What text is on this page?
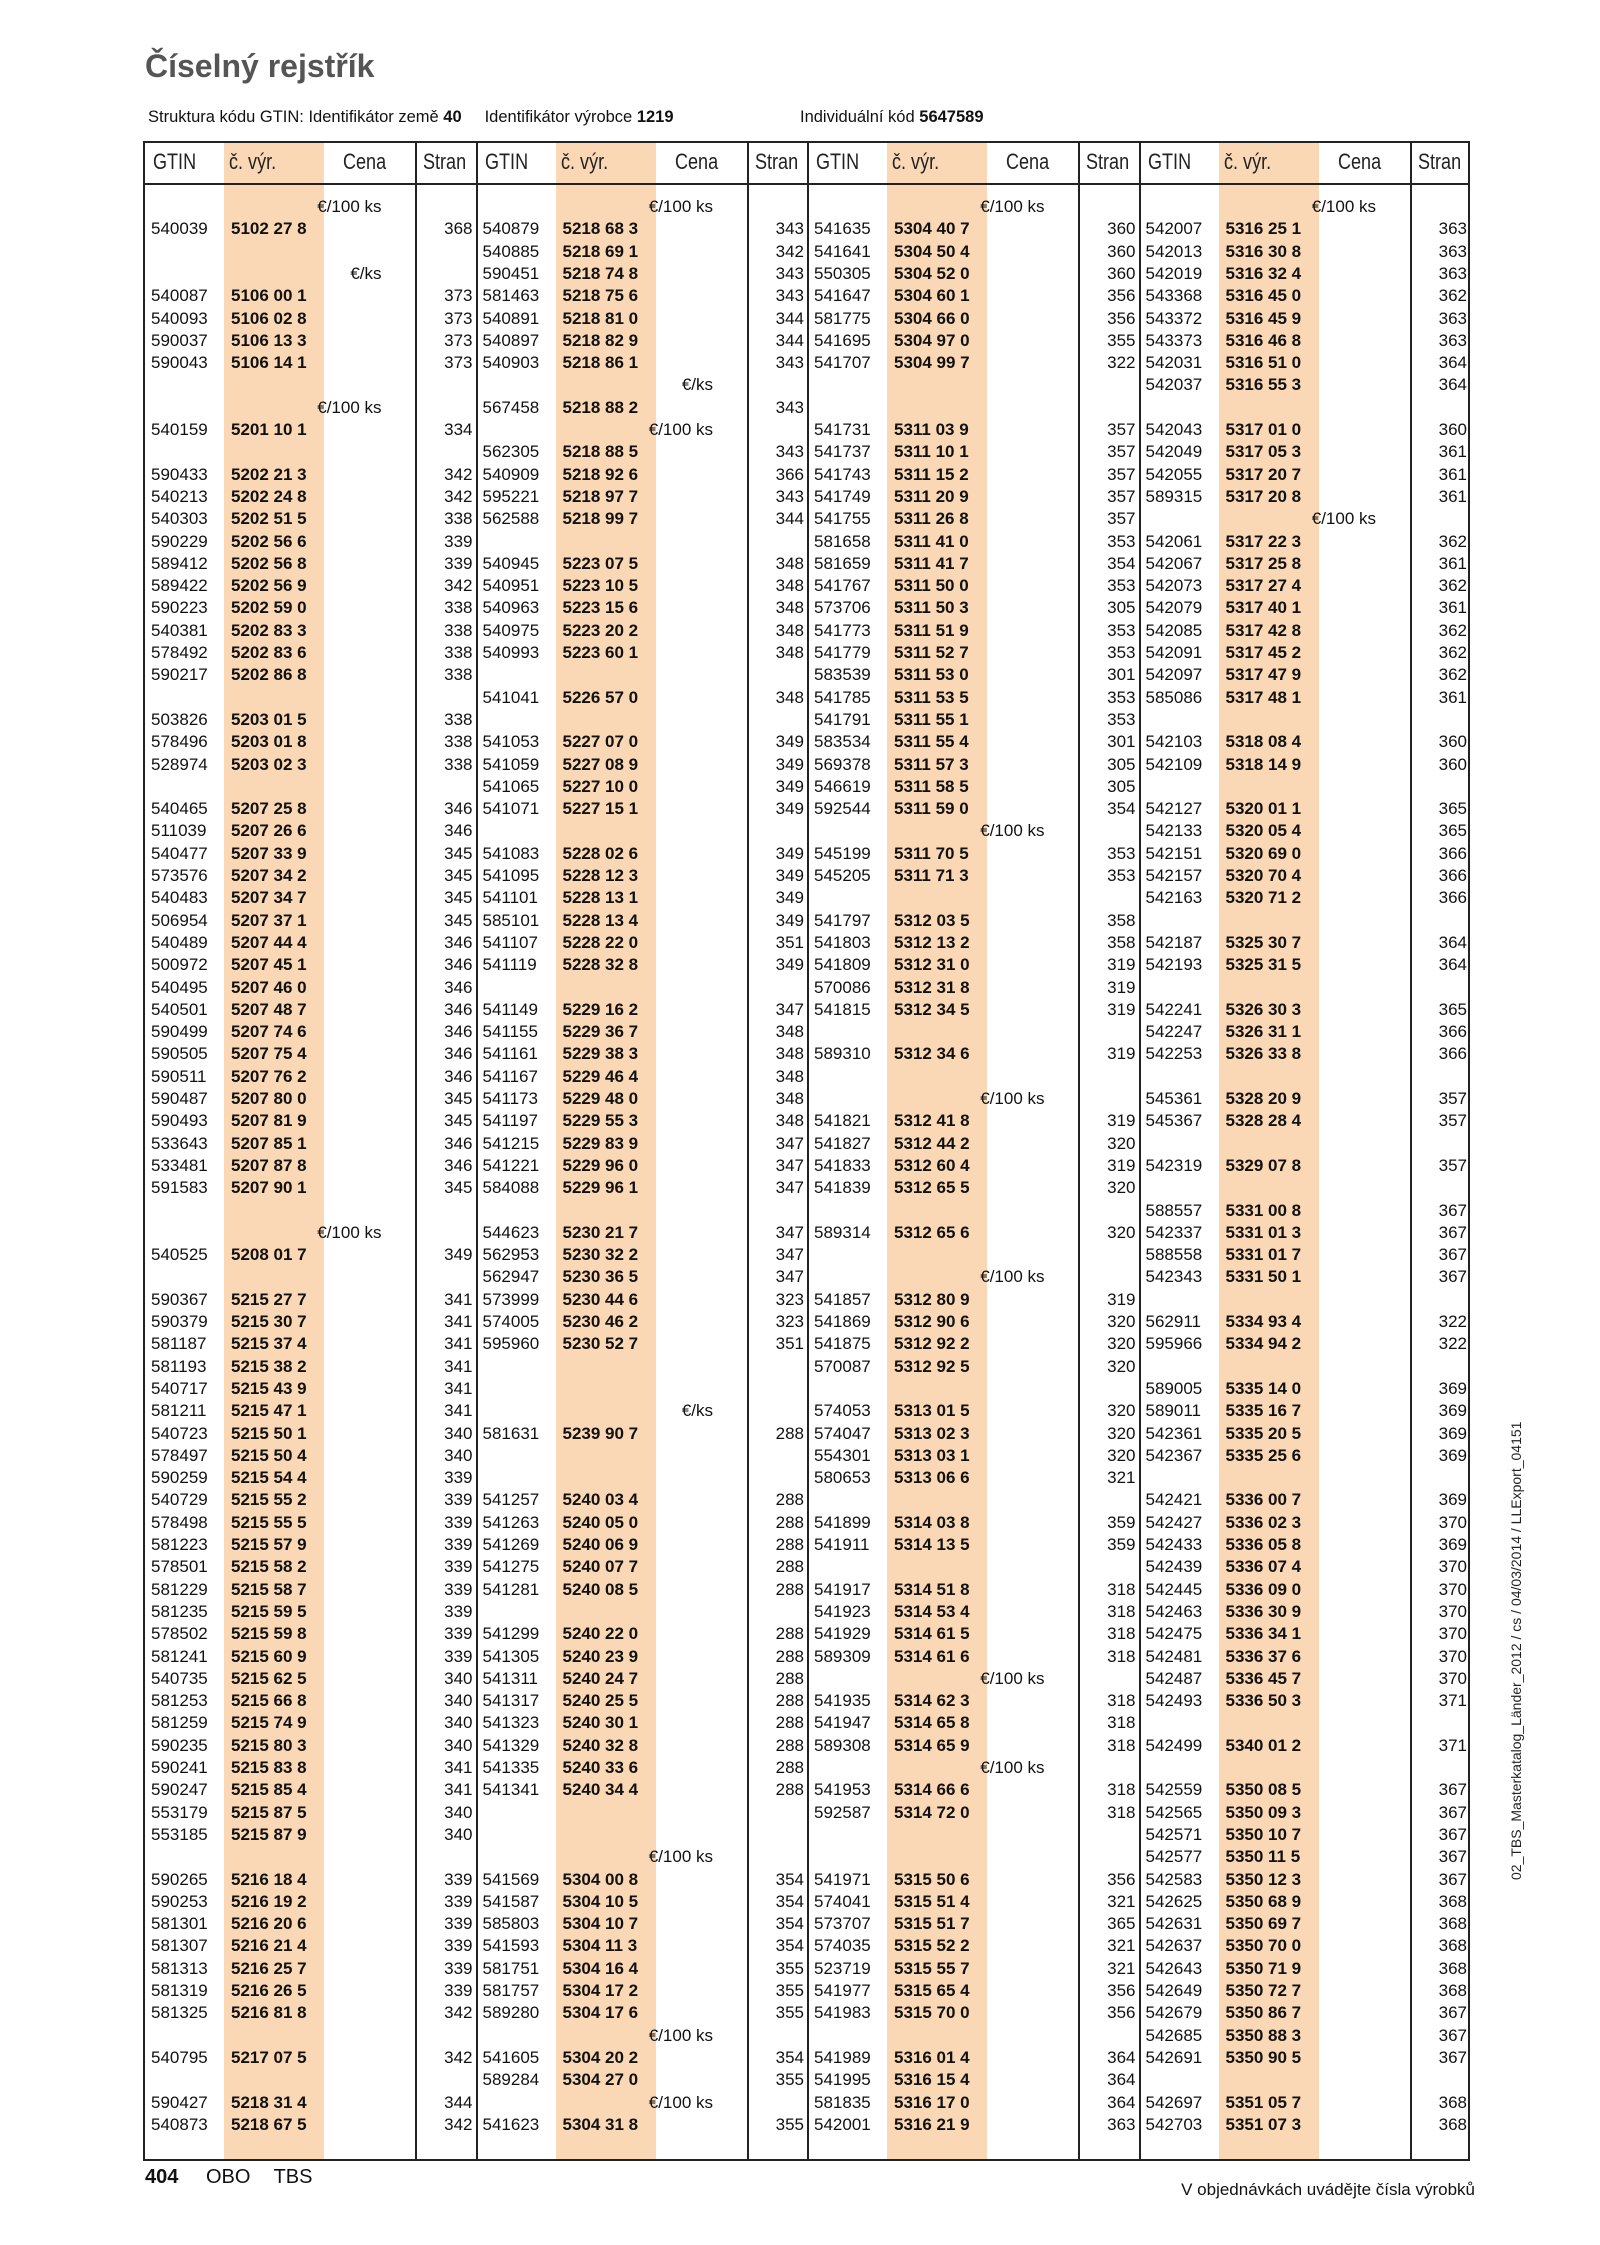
Číselný rejstřík
Struktura kódu GTIN: Identifikátor země 40 Identifikátor výrobce 1219	Individuální kód 5647589
GTIN č. výr.	Cena Stran
€/100 ks
540039 5102 27 8	368
€/ks
540087 5106 00 1	373
540093 5106 02 8	373
590037 5106 13 3	373
590043 5106 14 1	373
€/100 ks
540159 5201 10 1	334
590433 5202 21 3	342
540213 5202 24 8	342
540303 5202 51 5	338
590229 5202 56 6	339
589412 5202 56 8	339
589422 5202 56 9	342
590223 5202 59 0	338
540381 5202 83 3	338
578492 5202 83 6	338
590217 5202 86 8	338
503826 5203 01 5	338
578496 5203 01 8	338
528974 5203 02 3	338
540465 5207 25 8	346
511039 5207 26 6	346
540477 5207 33 9	345
573576 5207 34 2	345
540483 5207 34 7	345
506954 5207 37 1	345
540489 5207 44 4	346
500972 5207 45 1	346
540495 5207 46 0	346
540501 5207 48 7	346
590499 5207 74 6	346
590505 5207 75 4	346
590511 5207 76 2	346
590487 5207 80 0	345
590493 5207 81 9	345
533643 5207 85 1	346
533481 5207 87 8	346
591583 5207 90 1	345
€/100 ks
540525 5208 01 7	349
590367 5215 27 7	341
590379 5215 30 7	341
581187 5215 37 4	341
581193 5215 38 2	341
540717 5215 43 9	341
581211 5215 47 1	341
540723 5215 50 1	340
578497 5215 50 4	340
590259 5215 54 4	339
540729 5215 55 2	339
578498 5215 55 5	339
581223 5215 57 9	339
578501 5215 58 2	339
581229 5215 58 7	339
581235 5215 59 5	339
578502 5215 59 8	339
581241 5215 60 9	339
540735 5215 62 5	340
581253 5215 66 8	340
581259 5215 74 9	340
590235 5215 80 3	340
590241 5215 83 8	341
590247 5215 85 4	341
553179 5215 87 5	340
553185 5215 87 9	340
590265 5216 18 4	339
590253 5216 19 2	339
581301 5216 20 6	339
581307 5216 21 4	339
581313 5216 25 7	339
581319 5216 26 5	339
581325 5216 81 8	342
540795 5217 07 5	342
590427 5218 31 4	344
540873 5218 67 5	342
GTIN č. výr.	Cena Stran
€/100 ks
540879 5218 68 3	343
540885 5218 69 1	342
590451 5218 74 8	343
581463 5218 75 6	343
540891 5218 81 0	344
540897 5218 82 9	344
540903 5218 86 1	343
€/ks
567458 5218 88 2	343
€/100 ks
562305 5218 88 5	343
540909 5218 92 6	366
595221 5218 97 7	343
562588 5218 99 7	344
540945 5223 07 5	348
540951 5223 10 5	348
540963 5223 15 6	348
540975 5223 20 2	348
540993 5223 60 1	348
541041 5226 57 0	348
541053 5227 07 0	349
541059 5227 08 9	349
541065 5227 10 0	349
541071 5227 15 1	349
541083 5228 02 6	349
541095 5228 12 3	349
541101 5228 13 1	349
585101 5228 13 4	349
541107 5228 22 0	351
541119 5228 32 8	349
541149 5229 16 2	347
541155 5229 36 7	348
541161 5229 38 3	348
541167 5229 46 4	348
541173 5229 48 0	348
541197 5229 55 3	348
541215 5229 83 9	347
541221 5229 96 0	347
584088 5229 96 1	347
544623 5230 21 7	347
562953 5230 32 2	347
562947 5230 36 5	347
573999 5230 44 6	323
574005 5230 46 2	323
595960 5230 52 7	351
€/ks
581631 5239 90 7	288
541257 5240 03 4	288
541263 5240 05 0	288
541269 5240 06 9	288
541275 5240 07 7	288
541281 5240 08 5	288
541299 5240 22 0	288
541305 5240 23 9	288
541311 5240 24 7	288
541317 5240 25 5	288
541323 5240 30 1	288
541329 5240 32 8	288
541335 5240 33 6	288
541341 5240 34 4	288
€/100 ks
541569 5304 00 8	354
541587 5304 10 5	354
585803 5304 10 7	354
541593 5304 11 3	354
581751 5304 16 4	355
581757 5304 17 2	355
589280 5304 17 6	355
€/100 ks
541605 5304 20 2	354
589284 5304 27 0	355
€/100 ks
541623 5304 31 8	355
GTIN č. výr.	Cena Stran
€/100 ks
541635 5304 40 7	360
541641 5304 50 4	360
550305 5304 52 0	360
541647 5304 60 1	356
581775 5304 66 0	356
541695 5304 97 0	355
541707 5304 99 7	322
541731 5311 03 9	357
541737 5311 10 1	357
541743 5311 15 2	357
541749 5311 20 9	357
541755 5311 26 8	357
581658 5311 41 0	353
581659 5311 41 7	354
541767 5311 50 0	353
573706 5311 50 3	305
541773 5311 51 9	353
541779 5311 52 7	353
583539 5311 53 0	301
541785 5311 53 5	353
541791 5311 55 1	353
583534 5311 55 4	301
569378 5311 57 3	305
546619 5311 58 5	305
592544 5311 59 0	354
€/100 ks
545199 5311 70 5	353
545205 5311 71 3	353
541797 5312 03 5	358
541803 5312 13 2	358
541809 5312 31 0	319
570086 5312 31 8	319
541815 5312 34 5	319
589310 5312 34 6	319
€/100 ks
541821 5312 41 8	319
541827 5312 44 2	320
541833 5312 60 4	319
541839 5312 65 5	320
589314 5312 65 6	320
€/100 ks
541857 5312 80 9	319
541869 5312 90 6	320
541875 5312 92 2	320
570087 5312 92 5	320
574053 5313 01 5	320
574047 5313 02 3	320
554301 5313 03 1	320
580653 5313 06 6	321
541899 5314 03 8	359
541911 5314 13 5	359
541917 5314 51 8	318
541923 5314 53 4	318
541929 5314 61 5	318
589309 5314 61 6	318
€/100 ks
541935 5314 62 3	318
541947 5314 65 8	318
589308 5314 65 9	318
€/100 ks
541953 5314 66 6	318
592587 5314 72 0	318
541971 5315 50 6	356
574041 5315 51 4	321
573707 5315 51 7	365
574035 5315 52 2	321
523719 5315 55 7	321
541977 5315 65 4	356
541983 5315 70 0	356
541989 5316 01 4	364
541995 5316 15 4	364
581835 5316 17 0	364
542001 5316 21 9	363
GTIN č. výr.	Cena Stran
€/100 ks
542007 5316 25 1	363
542013 5316 30 8	363
542019 5316 32 4	363
543368 5316 45 0	362
543372 5316 45 9	363
543373 5316 46 8	363
542031 5316 51 0	364
542037 5316 55 3	364
542043 5317 01 0	360
542049 5317 05 3	361
542055 5317 20 7	361
589315 5317 20 8	361
€/100 ks
542061 5317 22 3	362
542067 5317 25 8	361
542073 5317 27 4	362
542079 5317 40 1	361
542085 5317 42 8	362
542091 5317 45 2	362
542097 5317 47 9	362
585086 5317 48 1	361
542103 5318 08 4	360
542109 5318 14 9	360
542127 5320 01 1	365
542133 5320 05 4	365
542151 5320 69 0	366
542157 5320 70 4	366
542163 5320 71 2	366
542187 5325 30 7	364
542193 5325 31 5	364
542241 5326 30 3	365
542247 5326 31 1	366
542253 5326 33 8	366
545361 5328 20 9	357
545367 5328 28 4	357
542319 5329 07 8	357
588557 5331 00 8	367
542337 5331 01 3	367
588558 5331 01 7	367
542343 5331 50 1	367
562911 5334 93 4	322
595966 5334 94 2	322
589005 5335 14 0	369
589011 5335 16 7	369
542361 5335 20 5	369
542367 5335 25 6	369
542421 5336 00 7	369
542427 5336 02 3	370
542433 5336 05 8	369
542439 5336 07 4	370
542445 5336 09 0	370
542463 5336 30 9	370
542475 5336 34 1	370
542481 5336 37 6	370
542487 5336 45 7	370
542493 5336 50 3	371
542499 5340 01 2	371
542559 5350 08 5	367
542565 5350 09 3	367
542571 5350 10 7	367
542577 5350 11 5	367
542583 5350 12 3	367
542625 5350 68 9	368
542631 5350 69 7	368
542637 5350 70 0	368
542643 5350 71 9	368
542649 5350 72 7	368
542679 5350 86 7	367
542685 5350 88 3	367
542691 5350 90 5	367
542697 5351 05 7	368
542703 5351 07 3	368
404 OBO TBS
V objednávkách uvádějte čísla výrobků
02_TBS_Masterkatalog_Länder_2012 / cs / 04/03/2014 / LLExport_04151
